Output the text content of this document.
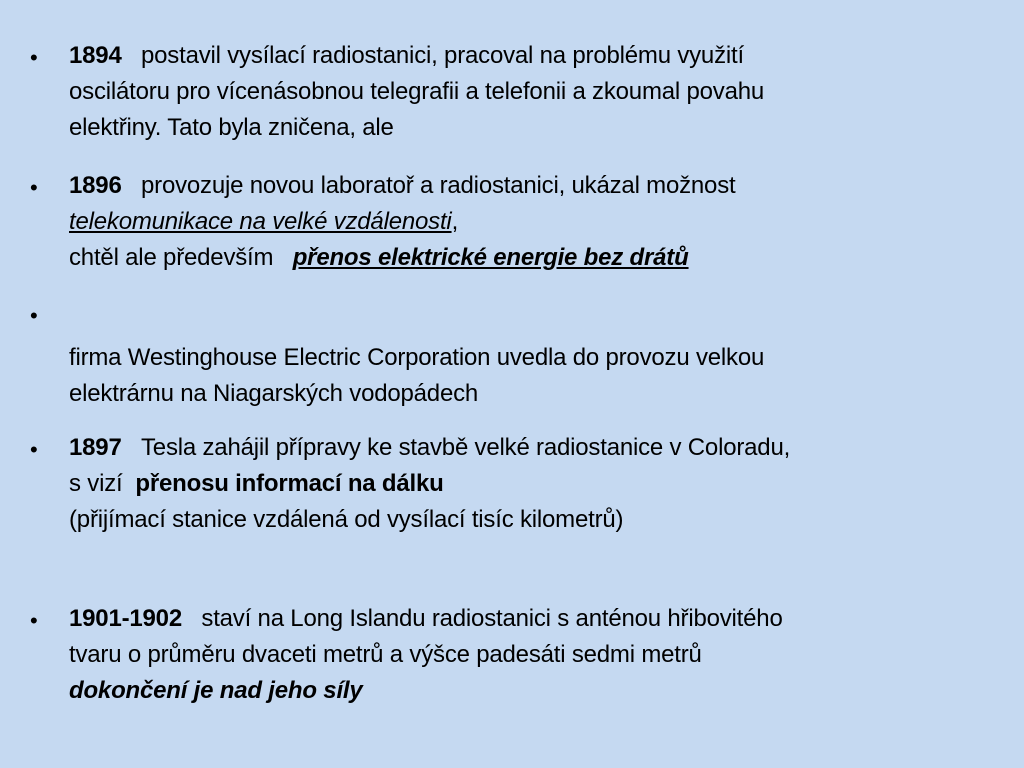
• 1894 postavil vysílací radiostanici, pracoval na problému využití
oscilátoru pro vícenásobnou telegrafii a telefonii a zkoumal povahu
elektřiny. Tato byla zničena, ale
• 1896 provozuje novou laboratoř a radiostanici, ukázal možnost
telekomunikace na velké vzdálenosti,
chtěl ale především přenos elektrické energie bez drátů
•
firma Westinghouse Electric Corporation uvedla do provozu velkou
elektrárnu na Niagarských vodopádech
• 1897 Tesla zahájil přípravy ke stavbě velké radiostanice v Coloradu,
s vizí přenosu informací na dálku
(přijímací stanice vzdálená od vysílací tisíc kilometrů)
• 1901-1902 staví na Long Islandu radiostanici s anténou hřibovitého
tvaru o průměru dvaceti metrů a výšce padesáti sedmi metrů
dokončení je nad jeho síly
